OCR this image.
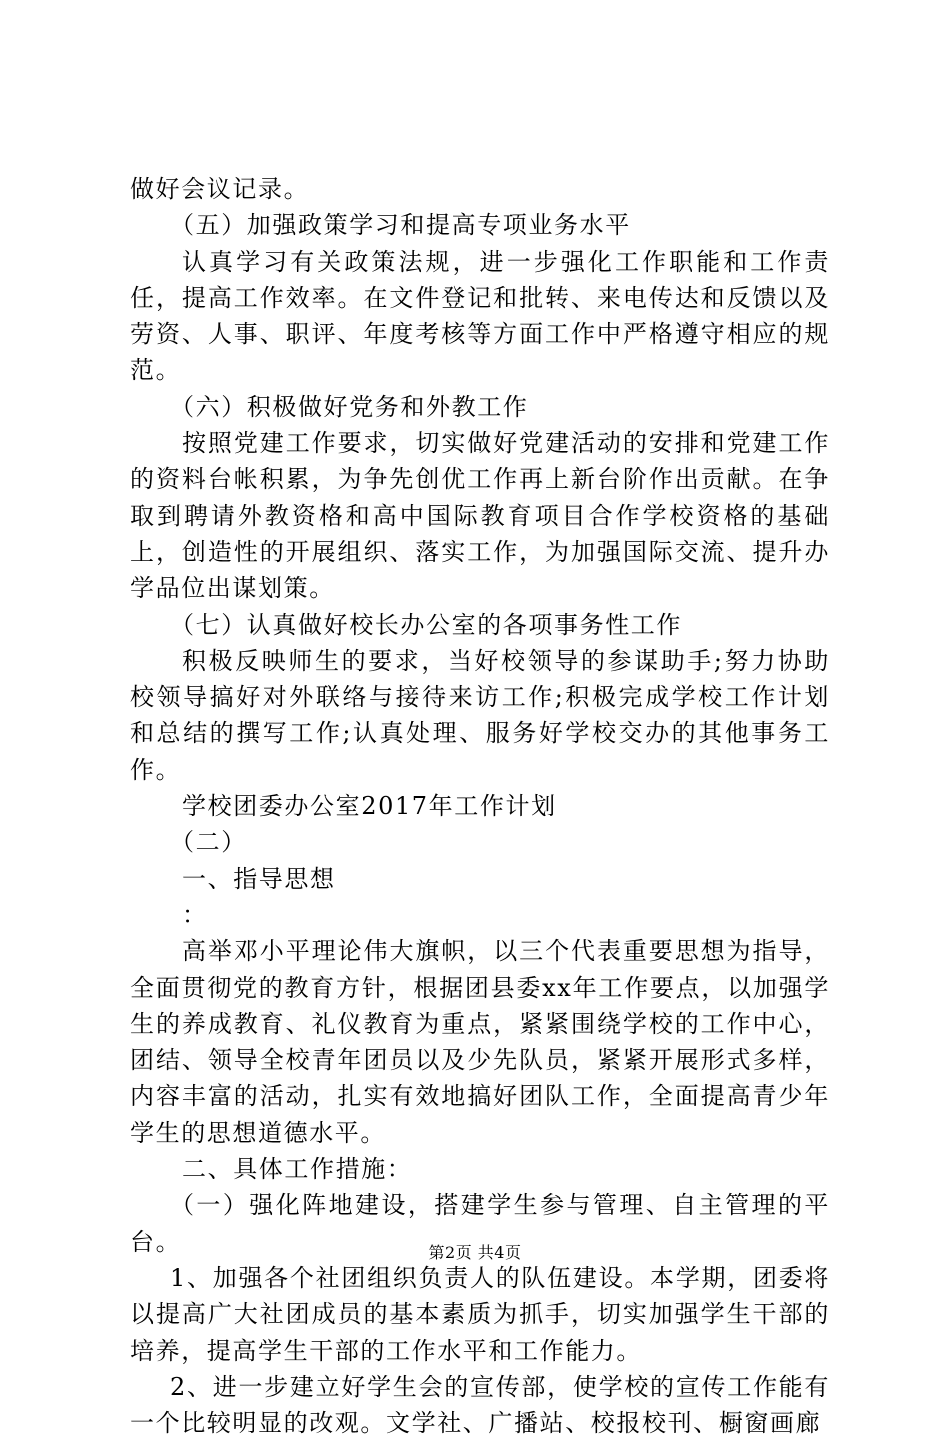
做好会议记录。

（五）加强政策学习和提高专项业务水平

认真学习有关政策法规，进一步强化工作职能和工作责任，提高工作效率。在文件登记和批转、来电传达和反馈以及劳资、人事、职评、年度考核等方面工作中严格遵守相应的规范。

（六）积极做好党务和外教工作

按照党建工作要求，切实做好党建活动的安排和党建工作的资料台帐积累，为争先创优工作再上新台阶作出贡献。在争取到聘请外教资格和高中国际教育项目合作学校资格的基础上，创造性的开展组织、落实工作，为加强国际交流、提升办学品位出谋划策。

（七）认真做好校长办公室的各项事务性工作

积极反映师生的要求，当好校领导的参谋助手;努力协助校领导搞好对外联络与接待来访工作;积极完成学校工作计划和总结的撰写工作;认真处理、服务好学校交办的其他事务工作。

学校团委办公室2017年工作计划

（二）

一、指导思想

：

高举邓小平理论伟大旗帜，以三个代表重要思想为指导，全面贯彻党的教育方针，根据团县委xx年工作要点，以加强学生的养成教育、礼仪教育为重点，紧紧围绕学校的工作中心，团结、领导全校青年团员以及少先队员，紧紧开展形式多样，内容丰富的活动，扎实有效地搞好团队工作，全面提高青少年学生的思想道德水平。

二、具体工作措施：

（一）强化阵地建设，搭建学生参与管理、自主管理的平台。

1、加强各个社团组织负责人的队伍建设。本学期，团委将以提高广大社团成员的基本素质为抓手，切实加强学生干部的培养，提高学生干部的工作水平和工作能力。

2、进一步建立好学生会的宣传部，使学校的宣传工作能有一个比较明显的改观。文学社、广播站、校报校刊、橱窗画廊

第2页 共4页
